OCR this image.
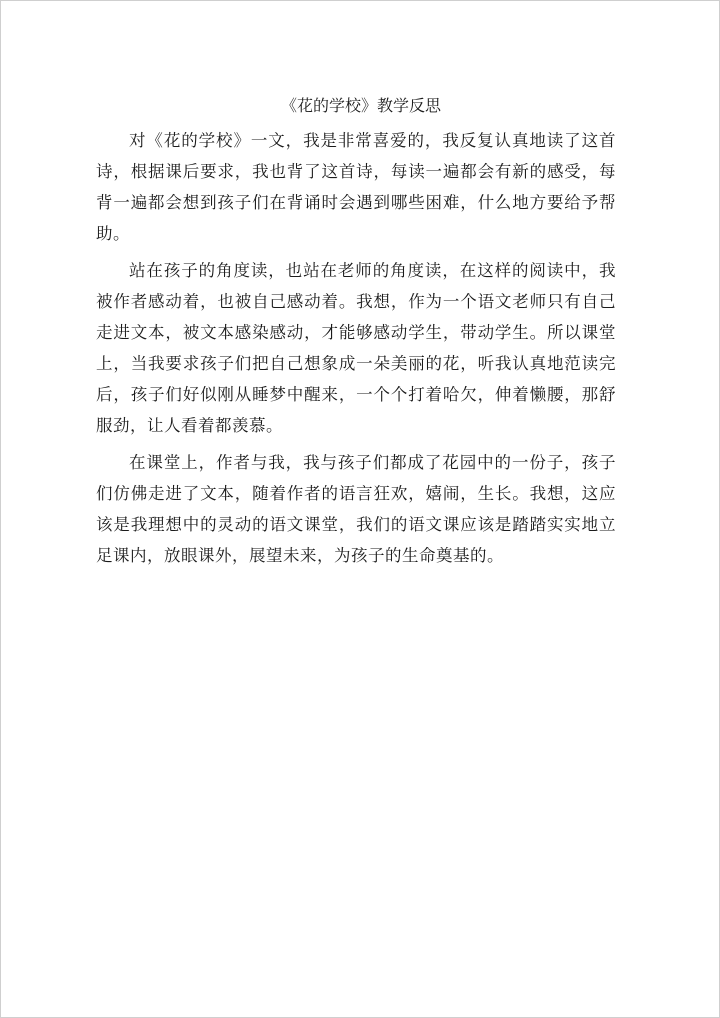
《花的学校》教学反思

对《花的学校》一文，我是非常喜爱的，我反复认真地读了这首诗，根据课后要求，我也背了这首诗，每读一遍都会有新的感受，每背一遍都会想到孩子们在背诵时会遇到哪些困难，什么地方要给予帮助。

站在孩子的角度读，也站在老师的角度读，在这样的阅读中，我被作者感动着，也被自己感动着。我想，作为一个语文老师只有自己走进文本，被文本感染感动，才能够感动学生，带动学生。所以课堂上，当我要求孩子们把自己想象成一朵美丽的花，听我认真地范读完后，孩子们好似刚从睡梦中醒来，一个个打着哈欠，伸着懒腰，那舒服劲，让人看着都羡慕。

在课堂上，作者与我，我与孩子们都成了花园中的一份子，孩子们仿佛走进了文本，随着作者的语言狂欢，嬉闹，生长。我想，这应该是我理想中的灵动的语文课堂，我们的语文课应该是踏踏实实地立足课内，放眼课外，展望未来，为孩子的生命奠基的。
